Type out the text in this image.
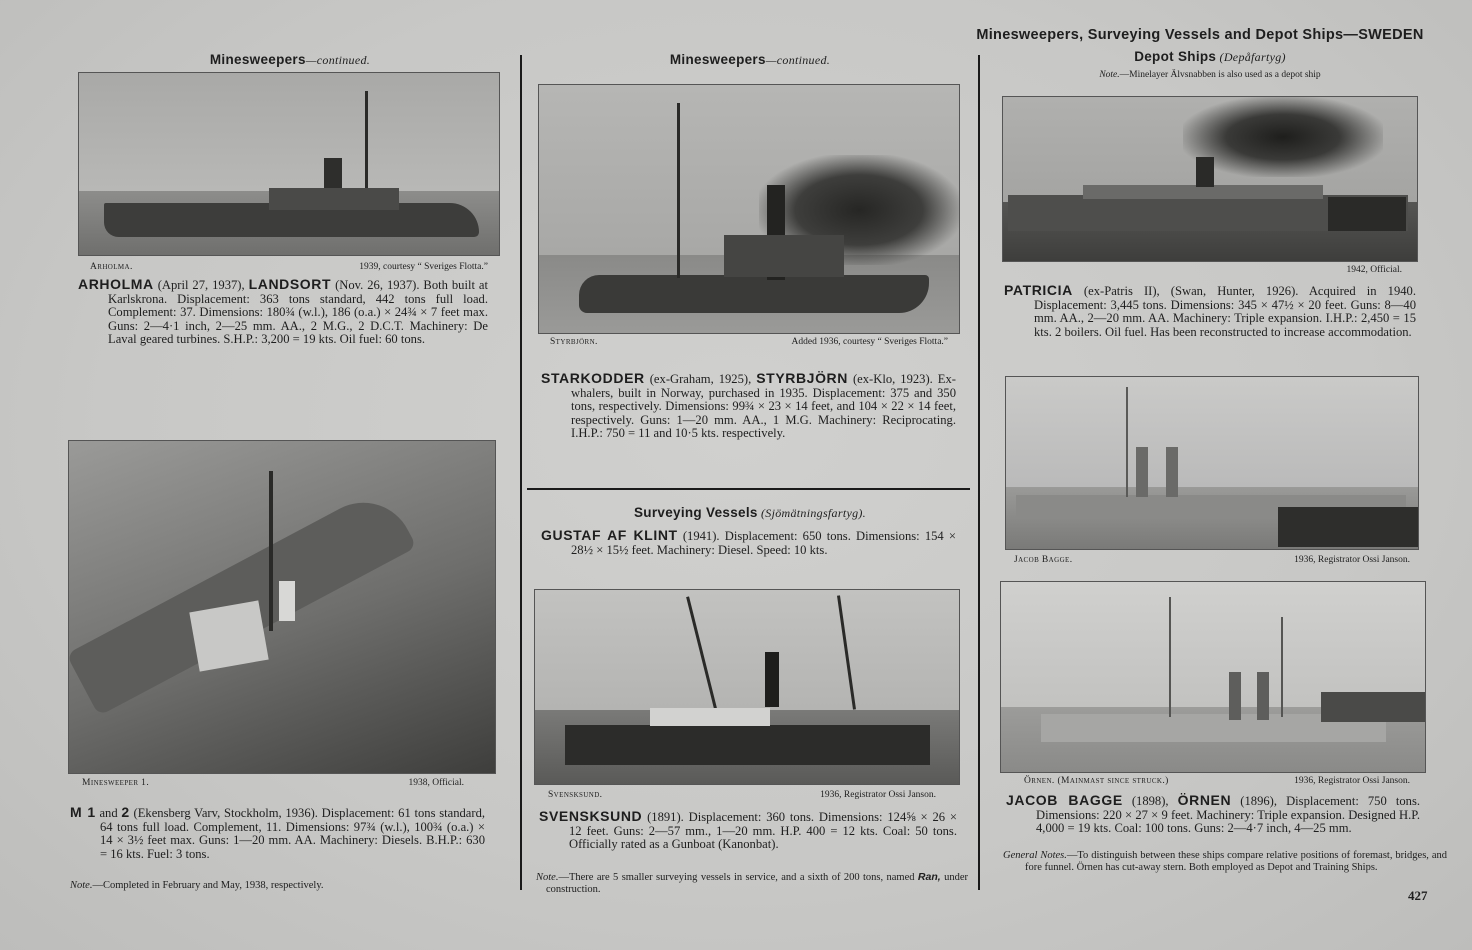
Minesweepers, Surveying Vessels and Depot Ships—SWEDEN
Minesweepers—continued.
Arholma.	1939, courtesy “ Sveriges Flotta.”
ARHOLMA (April 27, 1937), LANDSORT (Nov. 26, 1937). Both built at Karlskrona. Displacement: 363 tons standard, 442 tons full load. Complement: 37. Dimensions: 180¾ (w.l.), 186 (o.a.) × 24¾ × 7 feet max. Guns: 2—4·1 inch, 2—25 mm. AA., 2 M.G., 2 D.C.T. Machinery: De Laval geared turbines. S.H.P.: 3,200 = 19 kts. Oil fuel: 60 tons.
Minesweeper 1.	1938, Official.
M 1 and 2 (Ekensberg Varv, Stockholm, 1936). Displacement: 61 tons standard, 64 tons full load. Complement, 11. Dimensions: 97¾ (w.l.), 100¾ (o.a.) × 14 × 3½ feet max. Guns: 1—20 mm. AA. Machinery: Diesels. B.H.P.: 630 = 16 kts. Fuel: 3 tons.
Note.—Completed in February and May, 1938, respectively.
Minesweepers—continued.
Styrbjörn.	Added 1936, courtesy “ Sveriges Flotta.”
STARKODDER (ex-Graham, 1925), STYRBJÖRN (ex-Klo, 1923). Ex-whalers, built in Norway, purchased in 1935. Displacement: 375 and 350 tons, respectively. Dimensions: 99¾ × 23 × 14 feet, and 104 × 22 × 14 feet, respectively. Guns: 1—20 mm. AA., 1 M.G. Machinery: Reciprocating. I.H.P.: 750 = 11 and 10·5 kts. respectively.
Surveying Vessels (Sjömätningsfartyg).
GUSTAF AF KLINT (1941). Displacement: 650 tons. Dimensions: 154 × 28½ × 15½ feet. Machinery: Diesel. Speed: 10 kts.
Svensksund.	1936, Registrator Ossi Janson.
SVENSKSUND (1891). Displacement: 360 tons. Dimensions: 124⅝ × 26 × 12 feet. Guns: 2—57 mm., 1—20 mm. H.P. 400 = 12 kts. Coal: 50 tons. Officially rated as a Gunboat (Kanonbat).
Note.—There are 5 smaller surveying vessels in service, and a sixth of 200 tons, named Ran, under construction.
Depot Ships (Depåfartyg)
Note.—Minelayer Älvsnabben is also used as a depot ship
1942, Official.
PATRICIA (ex-Patris II), (Swan, Hunter, 1926). Acquired in 1940. Displacement: 3,445 tons. Dimensions: 345 × 47½ × 20 feet. Guns: 8—40 mm. AA., 2—20 mm. AA. Machinery: Triple expansion. I.H.P.: 2,450 = 15 kts. 2 boilers. Oil fuel. Has been reconstructed to increase accommodation.
Jacob Bagge.	1936, Registrator Ossi Janson.
Örnen. (Mainmast since struck.)	1936, Registrator Ossi Janson.
JACOB BAGGE (1898), ÖRNEN (1896), Displacement: 750 tons. Dimensions: 220 × 27 × 9 feet. Machinery: Triple expansion. Designed H.P. 4,000 = 19 kts. Coal: 100 tons. Guns: 2—4·7 inch, 4—25 mm.
General Notes.—To distinguish between these ships compare relative positions of foremast, bridges, and fore funnel. Örnen has cut-away stern. Both employed as Depot and Training Ships.
427
